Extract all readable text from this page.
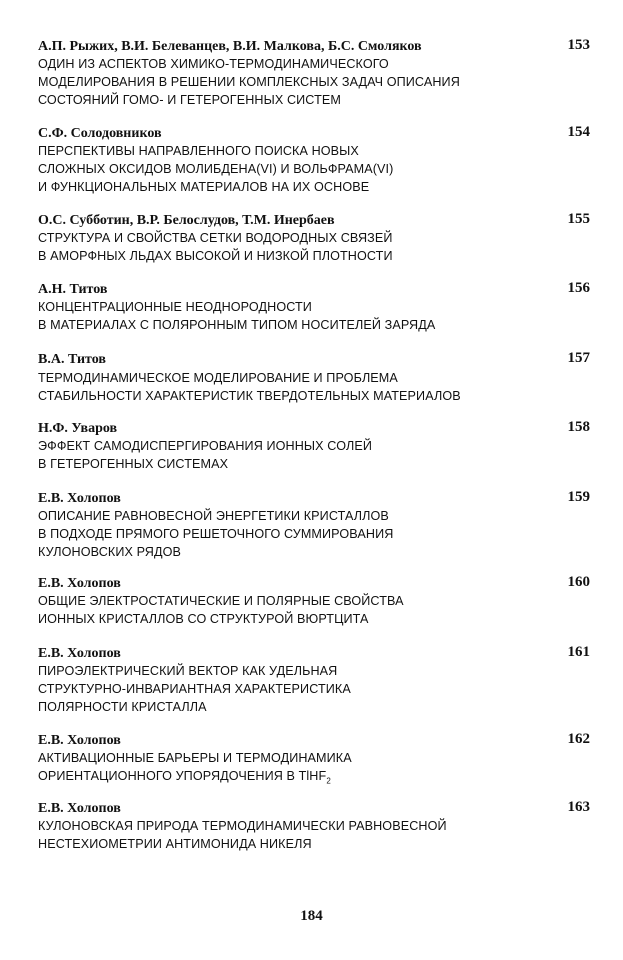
А.П. Рыжих, В.И. Белеванцев, В.И. Малкова, Б.С. Смоляков	153
ОДИН ИЗ АСПЕКТОВ ХИМИКО-ТЕРМОДИНАМИЧЕСКОГО
МОДЕЛИРОВАНИЯ В РЕШЕНИИ КОМПЛЕКСНЫХ ЗАДАЧ ОПИСАНИЯ
СОСТОЯНИЙ ГОМО- И ГЕТЕРОГЕННЫХ СИСТЕМ
С.Ф. Солодовников	154
ПЕРСПЕКТИВЫ НАПРАВЛЕННОГО ПОИСКА НОВЫХ
СЛОЖНЫХ ОКСИДОВ МОЛИБДЕНА(VI) И ВОЛЬФРАМА(VI)
И ФУНКЦИОНАЛЬНЫХ МАТЕРИАЛОВ НА ИХ ОСНОВЕ
О.С. Субботин, В.Р. Белослудов, Т.М. Инербаев	155
СТРУКТУРА И СВОЙСТВА СЕТКИ ВОДОРОДНЫХ СВЯЗЕЙ
В АМОРФНЫХ ЛЬДАХ ВЫСОКОЙ И НИЗКОЙ ПЛОТНОСТИ
А.Н. Титов	156
КОНЦЕНТРАЦИОННЫЕ НЕОДНОРОДНОСТИ
В МАТЕРИАЛАХ С ПОЛЯРОННЫМ ТИПОМ НОСИТЕЛЕЙ ЗАРЯДА
В.А. Титов	157
ТЕРМОДИНАМИЧЕСКОЕ МОДЕЛИРОВАНИЕ И ПРОБЛЕМА
СТАБИЛЬНОСТИ ХАРАКТЕРИСТИК ТВЕРДОТЕЛЬНЫХ МАТЕРИАЛОВ
Н.Ф. Уваров	158
ЭФФЕКТ САМОДИСПЕРГИРОВАНИЯ ИОННЫХ СОЛЕЙ
В ГЕТЕРОГЕННЫХ СИСТЕМАХ
Е.В. Холопов	159
ОПИСАНИЕ РАВНОВЕСНОЙ ЭНЕРГЕТИКИ КРИСТАЛЛОВ
В ПОДХОДЕ ПРЯМОГО РЕШЕТОЧНОГО СУММИРОВАНИЯ
КУЛОНОВСКИХ РЯДОВ
Е.В. Холопов	160
ОБЩИЕ ЭЛЕКТРОСТАТИЧЕСКИЕ И ПОЛЯРНЫЕ СВОЙСТВА
ИОННЫХ КРИСТАЛЛОВ СО СТРУКТУРОЙ ВЮРТЦИТА
Е.В. Холопов	161
ПИРОЭЛЕКТРИЧЕСКИЙ ВЕКТОР КАК УДЕЛЬНАЯ
СТРУКТУРНО-ИНВАРИАНТНАЯ ХАРАКТЕРИСТИКА
ПОЛЯРНОСТИ КРИСТАЛЛА
Е.В. Холопов	162
АКТИВАЦИОННЫЕ БАРЬЕРЫ И ТЕРМОДИНАМИКА
ОРИЕНТАЦИОННОГО УПОРЯДОЧЕНИЯ В TlHF$_2$
Е.В. Холопов	163
КУЛОНОВСКАЯ ПРИРОДА ТЕРМОДИНАМИЧЕСКИ РАВНОВЕСНОЙ
НЕСТЕХИОМЕТРИИ АНТИМОНИДА НИКЕЛЯ
184
